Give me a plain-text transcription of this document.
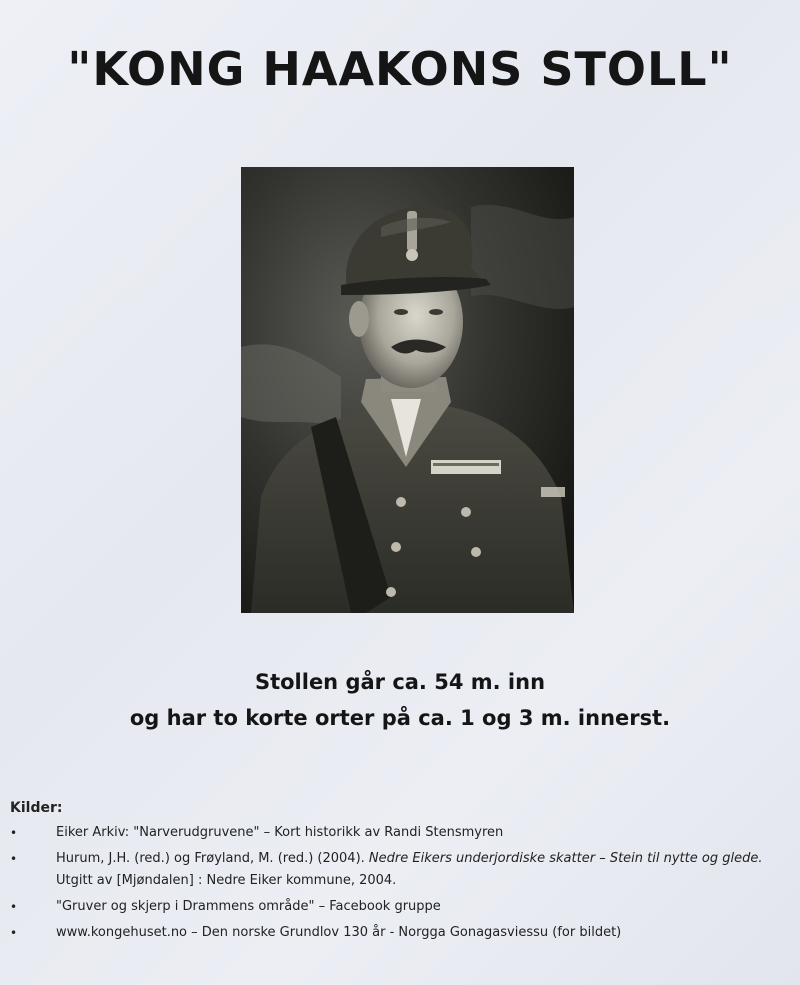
"KONG HAAKONS STOLL"
Stollen går ca. 54 m. inn
og har to korte orter på ca. 1 og 3 m. innerst.
Kilder:
•	Eiker Arkiv: "Narverudgruvene" – Kort historikk av Randi Stensmyren
•	Hurum, J.H. (red.) og Frøyland, M. (red.) (2004). Nedre Eikers underjordiske skatter – Stein til nytte og glede. Utgitt av [Mjøndalen] : Nedre Eiker kommune, 2004.
•	"Gruver og skjerp i Drammens område" – Facebook gruppe
•	www.kongehuset.no – Den norske Grundlov 130 år - Norgga Gonagasviessu (for bildet)
